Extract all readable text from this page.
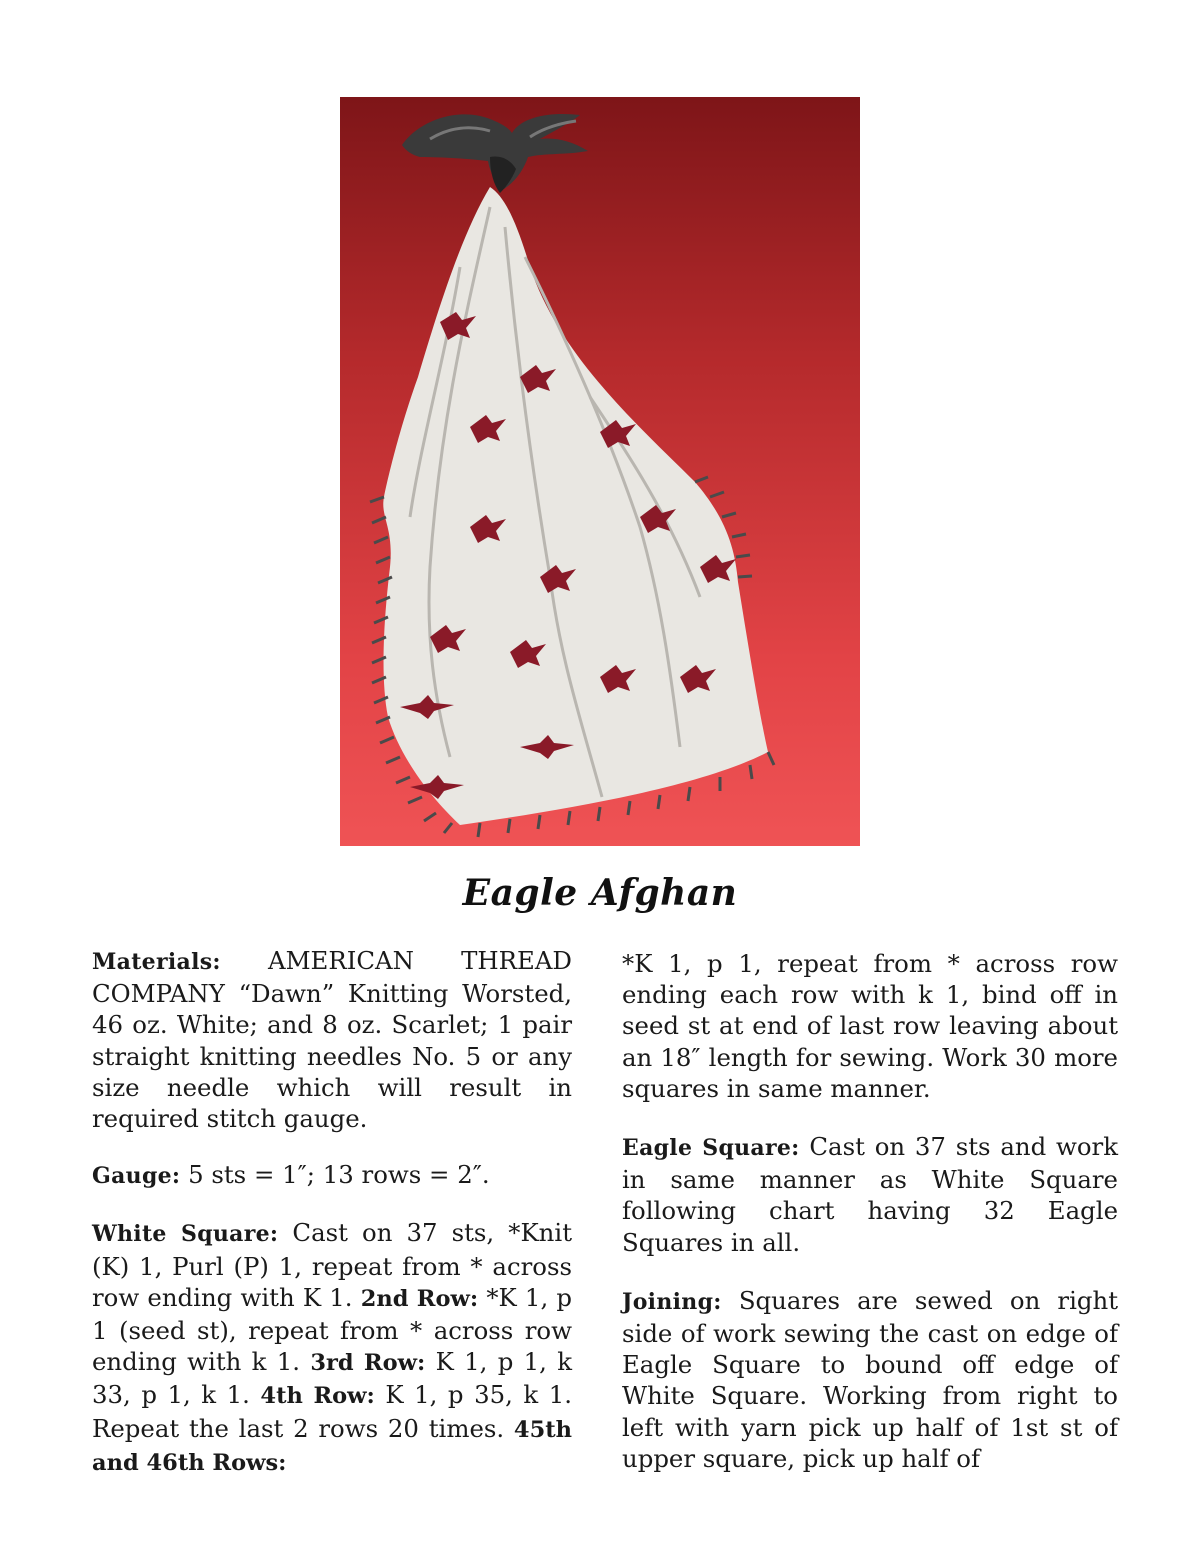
Eagle Afghan

Materials: AMERICAN THREAD COMPANY “Dawn” Knitting Worsted, 46 oz. White; and 8 oz. Scarlet; 1 pair straight knitting needles No. 5 or any size needle which will result in required stitch gauge.

Gauge: 5 sts = 1″; 13 rows = 2″.

White Square: Cast on 37 sts, *Knit (K) 1, Purl (P) 1, repeat from * across row ending with K 1. 2nd Row: *K 1, p 1 (seed st), repeat from * across row ending with k 1. 3rd Row: K 1, p 1, k 33, p 1, k 1. 4th Row: K 1, p 35, k 1. Repeat the last 2 rows 20 times. 45th and 46th Rows:

*K 1, p 1, repeat from * across row ending each row with k 1, bind off in seed st at end of last row leaving about an 18″ length for sewing. Work 30 more squares in same manner.

Eagle Square: Cast on 37 sts and work in same manner as White Square following chart having 32 Eagle Squares in all.

Joining: Squares are sewed on right side of work sewing the cast on edge of Eagle Square to bound off edge of White Square. Working from right to left with yarn pick up half of 1st st of upper square, pick up half of
